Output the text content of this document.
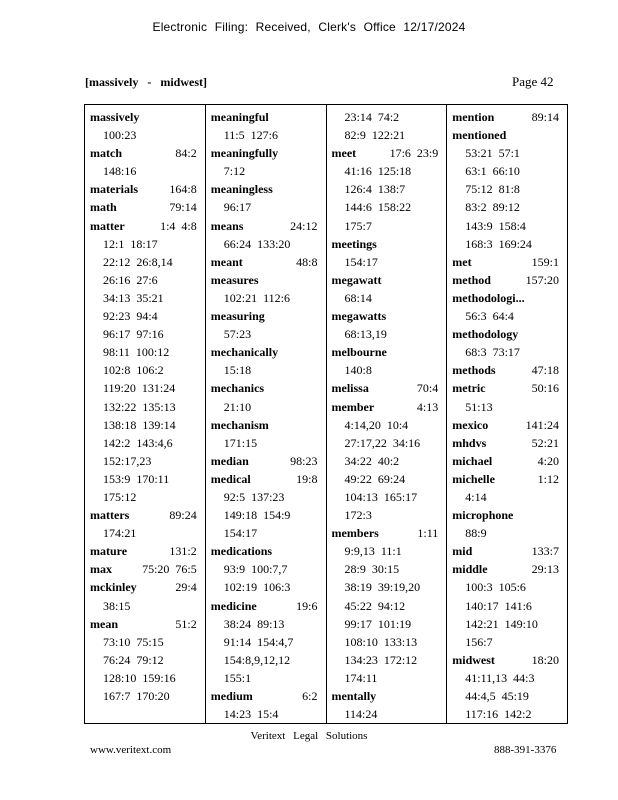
Electronic Filing: Received, Clerk's Office 12/17/2024
[massively - midwest]	Page 42
massively
100:23
match	84:2
148:16
materials	164:8
math	79:14
matter	1:4  4:8
12:1  18:17
22:12  26:8,14
26:16  27:6
34:13  35:21
92:23  94:4
96:17  97:16
98:11  100:12
102:8  106:2
119:20  131:24
132:22  135:13
138:18  139:14
142:2  143:4,6
152:17,23
153:9  170:11
175:12
matters	89:24
174:21
mature	131:2
max	75:20  76:5
mckinley	29:4
38:15
mean	51:2
73:10  75:15
76:24  79:12
128:10  159:16
167:7  170:20
meaningful
11:5  127:6
meaningfully
7:12
meaningless
96:17
means	24:12
66:24  133:20
meant	48:8
measures
102:21  112:6
measuring
57:23
mechanically
15:18
mechanics
21:10
mechanism
171:15
median	98:23
medical	19:8
92:5  137:23
149:18  154:9
154:17
medications
93:9  100:7,7
102:19  106:3
medicine	19:6
38:24  89:13
91:14  154:4,7
154:8,9,12,12
155:1
medium	6:2
14:23  15:4
23:14  74:2
82:9  122:21
meet	17:6  23:9
41:16  125:18
126:4  138:7
144:6  158:22
175:7
meetings
154:17
megawatt
68:14
megawatts
68:13,19
melbourne
140:8
melissa	70:4
member	4:13
4:14,20  10:4
27:17,22  34:16
34:22  40:2
49:22  69:24
104:13  165:17
172:3
members	1:11
9:9,13  11:1
28:9  30:15
38:19  39:19,20
45:22  94:12
99:17  101:19
108:10  133:13
134:23  172:12
174:11
mentally
114:24
mention	89:14
mentioned
53:21  57:1
63:1  66:10
75:12  81:8
83:2  89:12
143:9  158:4
168:3  169:24
met	159:1
method	157:20
methodologi...
56:3  64:4
methodology
68:3  73:17
methods	47:18
metric	50:16
51:13
mexico	141:24
mhdvs	52:21
michael	4:20
michelle	1:12
4:14
microphone
88:9
mid	133:7
middle	29:13
100:3  105:6
140:17  141:6
142:21  149:10
156:7
midwest	18:20
41:11,13  44:3
44:4,5  45:19
117:16  142:2
Veritext Legal Solutions
www.veritext.com	888-391-3376
